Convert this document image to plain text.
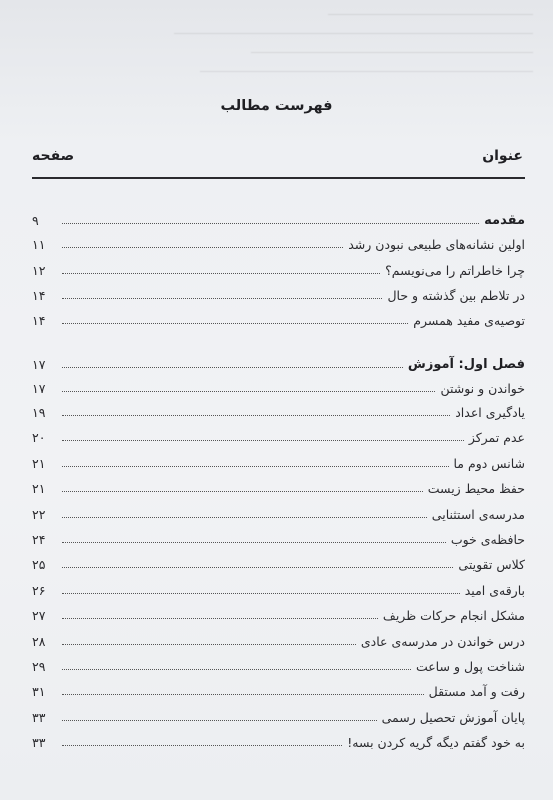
فهرست مطالب
عنوان
صفحه
مقدمه
۹
اولین نشانه‌های طبیعی نبودن رشد
۱۱
چرا خاطراتم را می‌نویسم؟
۱۲
در تلاطم بین گذشته و حال
۱۴
توصیه‌ی مفید همسرم
۱۴
فصل اول: آموزش
۱۷
خواندن و نوشتن
۱۷
یادگیری اعداد
۱۹
عدم تمرکز
۲۰
شانس دوم ما
۲۱
حفظ محیط زیست
۲۱
مدرسه‌ی استثنایی
۲۲
حافظه‌ی خوب
۲۴
کلاس تقویتی
۲۵
بارقه‌ی امید
۲۶
مشکل انجام حرکات ظریف
۲۷
درس خواندن در مدرسه‌ی عادی
۲۸
شناخت پول و ساعت
۲۹
رفت و آمد مستقل
۳۱
پایان آموزش تحصیل رسمی
۳۳
به خود گفتم دیگه گریه کردن بسه!
۳۳
